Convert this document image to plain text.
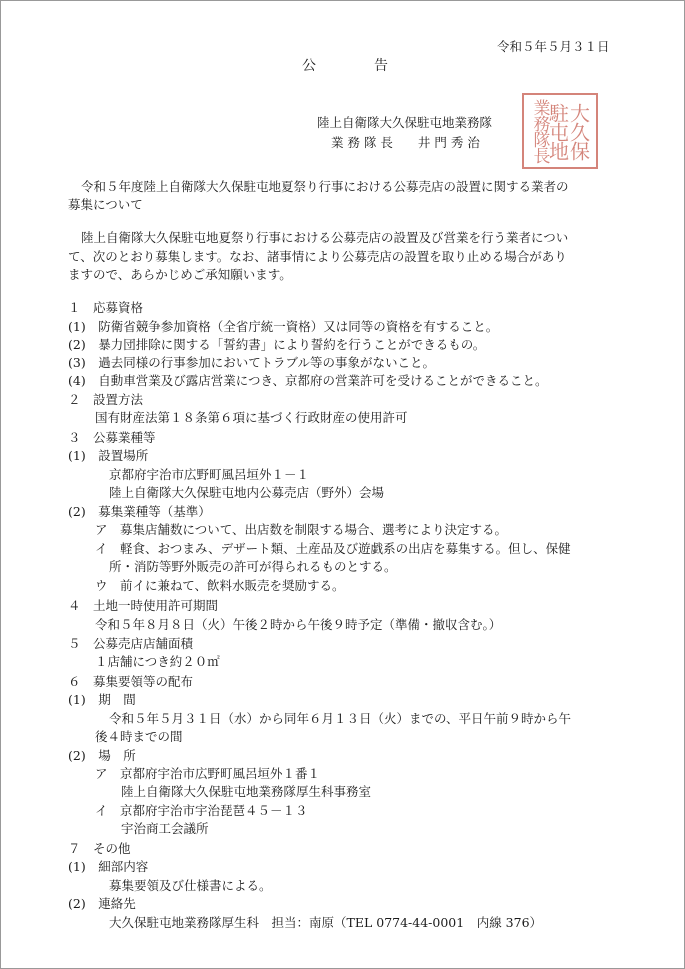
令和５年５月３１日
公　告
陸上自衛隊大久保駐屯地業務隊
業 務 隊 長　　井 門 秀 治	大久保
駐屯地
業務隊長
令和５年度陸上自衛隊大久保駐屯地夏祭り行事における公募売店の設置に関する業者の
募集について
陸上自衛隊大久保駐屯地夏祭り行事における公募売店の設置及び営業を行う業者につい
て、次のとおり募集します。なお、諸事情により公募売店の設置を取り止める場合があり
ますので、あらかじめご承知願います。
１　応募資格
(1)　防衛省競争参加資格（全省庁統一資格）又は同等の資格を有すること。
(2)　暴力団排除に関する「誓約書」により誓約を行うことができるもの。
(3)　過去同様の行事参加においてトラブル等の事象がないこと。
(4)　自動車営業及び露店営業につき、京都府の営業許可を受けることができること。
２　設置方法
国有財産法第１８条第６項に基づく行政財産の使用許可
３　公募業種等
(1)　設置場所
京都府宇治市広野町風呂垣外１－１
陸上自衛隊大久保駐屯地内公募売店（野外）会場
(2)　募集業種等（基準）
ア　募集店舗数について、出店数を制限する場合、選考により決定する。
イ　軽食、おつまみ、デザート類、土産品及び遊戯系の出店を募集する。但し、保健
所・消防等野外販売の許可が得られるものとする。
ウ　前イに兼ねて、飲料水販売を奨励する。
４　土地一時使用許可期間
令和５年８月８日（火）午後２時から午後９時予定（準備・撤収含む。）
５　公募売店店舗面積
１店舗につき約２０㎡
６　募集要領等の配布
(1)　期　間
令和５年５月３１日（水）から同年６月１３日（火）までの、平日午前９時から午
後４時までの間
(2)　場　所
ア　京都府宇治市広野町風呂垣外１番１
陸上自衛隊大久保駐屯地業務隊厚生科事務室
イ　京都府宇治市宇治琵琶４５－１３
宇治商工会議所
７　その他
(1)　細部内容
募集要領及び仕様書による。
(2)　連絡先
大久保駐屯地業務隊厚生科　担当：南原（TEL 0774-44-0001　内線 376）
